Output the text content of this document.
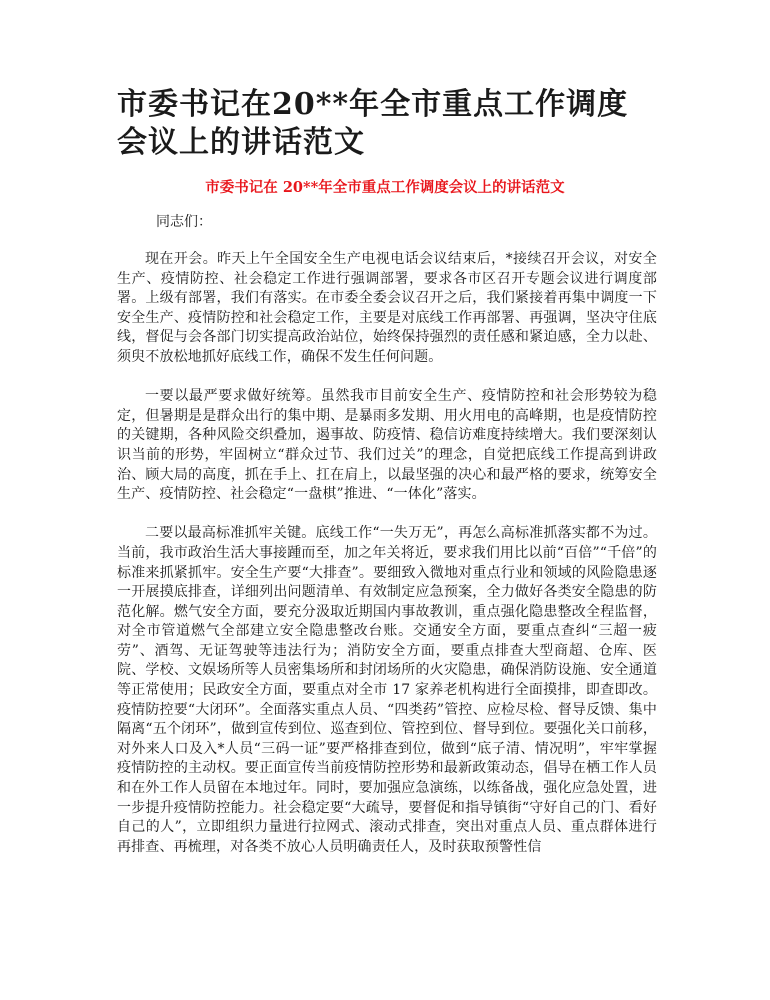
市委书记在20**年全市重点工作调度会议上的讲话范文
市委书记在 20**年全市重点工作调度会议上的讲话范文
同志们：

现在开会。昨天上午全国安全生产电视电话会议结束后，*接续召开会议，对安全生产、疫情防控、社会稳定工作进行强调部署，要求各市区召开专题会议进行调度部署。上级有部署，我们有落实。在市委全委会议召开之后，我们紧接着再集中调度一下安全生产、疫情防控和社会稳定工作，主要是对底线工作再部署、再强调，坚决守住底线，督促与会各部门切实提高政治站位，始终保持强烈的责任感和紧迫感，全力以赴、须臾不放松地抓好底线工作，确保不发生任何问题。

一要以最严要求做好统筹。虽然我市目前安全生产、疫情防控和社会形势较为稳定，但暑期是是群众出行的集中期、是暴雨多发期、用火用电的高峰期，也是疫情防控的关键期，各种风险交织叠加，遏事故、防疫情、稳信访难度持续增大。我们要深刻认识当前的形势，牢固树立“群众过节、我们过关”的理念，自觉把底线工作提高到讲政治、顾大局的高度，抓在手上、扛在肩上，以最坚强的决心和最严格的要求，统筹安全生产、疫情防控、社会稳定“一盘棋”推进、“一体化”落实。

二要以最高标准抓牢关键。底线工作“一失万无”，再怎么高标准抓落实都不为过。当前，我市政治生活大事接踵而至，加之年关将近，要求我们用比以前“百倍”“千倍”的标准来抓紧抓牢。安全生产要“大排查”。要细致入微地对重点行业和领域的风险隐患逐一开展摸底排查，详细列出问题清单、有效制定应急预案，全力做好各类安全隐患的防范化解。燃气安全方面，要充分汲取近期国内事故教训，重点强化隐患整改全程监督，对全市管道燃气全部建立安全隐患整改台账。交通安全方面，要重点查纠“三超一疲劳”、酒驾、无证驾驶等违法行为；消防安全方面，要重点排查大型商超、仓库、医院、学校、文娱场所等人员密集场所和封闭场所的火灾隐患，确保消防设施、安全通道等正常使用；民政安全方面，要重点对全市 17 家养老机构进行全面摸排，即查即改。疫情防控要“大闭环”。全面落实重点人员、“四类药”管控、应检尽检、督导反馈、集中隔离“五个闭环”，做到宣传到位、巡查到位、管控到位、督导到位。要强化关口前移，对外来人口及入*人员“三码一证”要严格排查到位，做到“底子清、情况明”，牢牢掌握疫情防控的主动权。要正面宣传当前疫情防控形势和最新政策动态，倡导在栖工作人员和在外工作人员留在本地过年。同时，要加强应急演练，以练备战，强化应急处置，进一步提升疫情防控能力。社会稳定要“大疏导，要督促和指导镇街“守好自己的门、看好自己的人”，立即组织力量进行拉网式、滚动式排查，突出对重点人员、重点群体进行再排查、再梳理，对各类不放心人员明确责任人，及时获取预警性信
